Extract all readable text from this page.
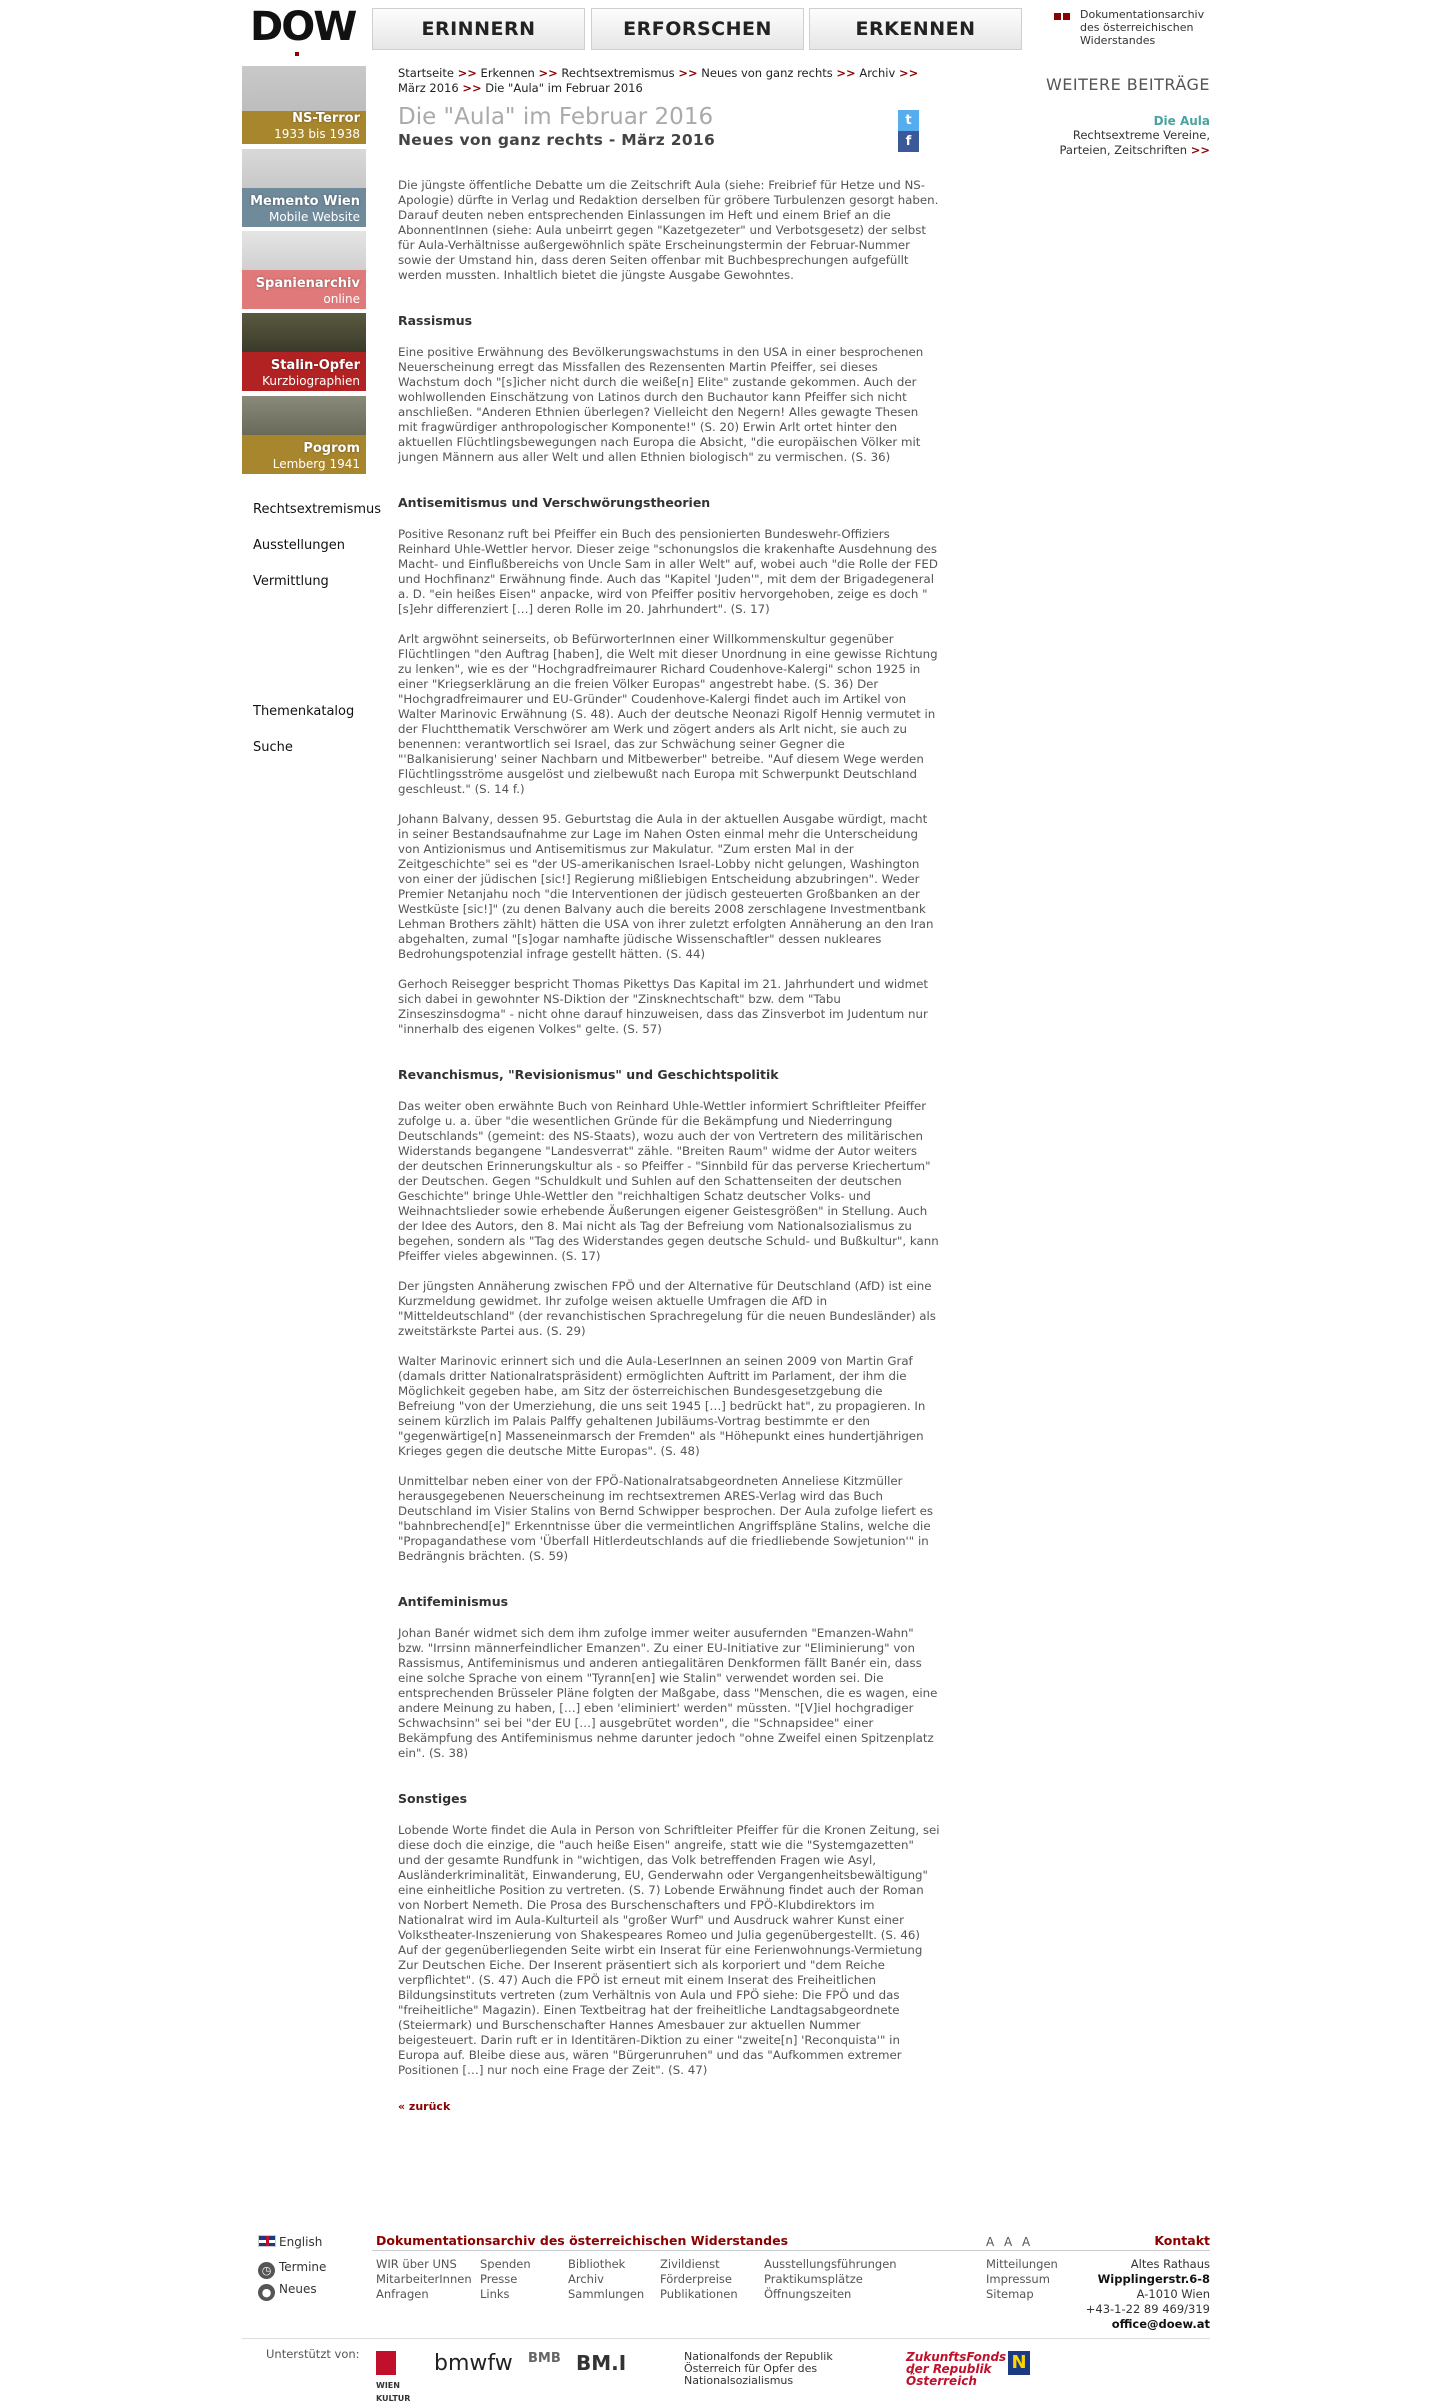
DOW	ERINNERN	ERFORSCHEN	ERKENNEN
Dokumentationsarchiv des österreichischen Widerstandes
NS-Terror
1933 bis 1938
Memento Wien
Mobile Website
Spanienarchiv
online
Stalin-Opfer
Kurzbiographien
Pogrom
Lemberg 1941
Rechtsextremismus
Ausstellungen
Vermittlung
Themenkatalog
Suche
Startseite >> Erkennen >> Rechtsextremismus >> Neues von ganz rechts >> Archiv >> März 2016 >> Die "Aula" im Februar 2016
Die "Aula" im Februar 2016
Neues von ganz rechts - März 2016
tf

Die jüngste öffentliche Debatte um die Zeitschrift Aula (siehe: Freibrief für Hetze und NS-Apologie) dürfte in Verlag und Redaktion derselben für gröbere Turbulenzen gesorgt haben. Darauf deuten neben entsprechenden Einlassungen im Heft und einem Brief an die AbonnentInnen (siehe: Aula unbeirrt gegen "Kazetgezeter" und Verbotsgesetz) der selbst für Aula-Verhältnisse außergewöhnlich späte Erscheinungstermin der Februar-Nummer sowie der Umstand hin, dass deren Seiten offenbar mit Buchbesprechungen aufgefüllt werden mussten. Inhaltlich bietet die jüngste Ausgabe Gewohntes.

Rassismus

Eine positive Erwähnung des Bevölkerungswachstums in den USA in einer besprochenen Neuerscheinung erregt das Missfallen des Rezensenten Martin Pfeiffer, sei dieses Wachstum doch "[s]icher nicht durch die weiße[n] Elite" zustande gekommen. Auch der wohlwollenden Einschätzung von Latinos durch den Buchautor kann Pfeiffer sich nicht anschließen. "Anderen Ethnien überlegen? Vielleicht den Negern! Alles gewagte Thesen mit fragwürdiger anthropologischer Komponente!" (S. 20) Erwin Arlt ortet hinter den aktuellen Flüchtlingsbewegungen nach Europa die Absicht, "die europäischen Völker mit jungen Männern aus aller Welt und allen Ethnien biologisch" zu vermischen. (S. 36)

Antisemitismus und Verschwörungstheorien

Positive Resonanz ruft bei Pfeiffer ein Buch des pensionierten Bundeswehr-Offiziers Reinhard Uhle-Wettler hervor. Dieser zeige "schonungslos die krakenhafte Ausdehnung des Macht- und Einflußbereichs von Uncle Sam in aller Welt" auf, wobei auch "die Rolle der FED und Hochfinanz" Erwähnung finde. Auch das "Kapitel 'Juden'", mit dem der Brigadegeneral a. D. "ein heißes Eisen" anpacke, wird von Pfeiffer positiv hervorgehoben, zeige es doch "[s]ehr differenziert […] deren Rolle im 20. Jahrhundert". (S. 17)

Arlt argwöhnt seinerseits, ob BefürworterInnen einer Willkommenskultur gegenüber Flüchtlingen "den Auftrag [haben], die Welt mit dieser Unordnung in eine gewisse Richtung zu lenken", wie es der "Hochgradfreimaurer Richard Coudenhove-Kalergi" schon 1925 in einer "Kriegserklärung an die freien Völker Europas" angestrebt habe. (S. 36) Der "Hochgradfreimaurer und EU-Gründer" Coudenhove-Kalergi findet auch im Artikel von Walter Marinovic Erwähnung (S. 48). Auch der deutsche Neonazi Rigolf Hennig vermutet in der Fluchtthematik Verschwörer am Werk und zögert anders als Arlt nicht, sie auch zu benennen: verantwortlich sei Israel, das zur Schwächung seiner Gegner die "'Balkanisierung' seiner Nachbarn und Mitbewerber" betreibe. "Auf diesem Wege werden Flüchtlingsströme ausgelöst und zielbewußt nach Europa mit Schwerpunkt Deutschland geschleust." (S. 14 f.)

Johann Balvany, dessen 95. Geburtstag die Aula in der aktuellen Ausgabe würdigt, macht in seiner Bestandsaufnahme zur Lage im Nahen Osten einmal mehr die Unterscheidung von Antizionismus und Antisemitismus zur Makulatur. "Zum ersten Mal in der Zeitgeschichte" sei es "der US-amerikanischen Israel-Lobby nicht gelungen, Washington von einer der jüdischen [sic!] Regierung mißliebigen Entscheidung abzubringen". Weder Premier Netanjahu noch "die Interventionen der jüdisch gesteuerten Großbanken an der Westküste [sic!]" (zu denen Balvany auch die bereits 2008 zerschlagene Investmentbank Lehman Brothers zählt) hätten die USA von ihrer zuletzt erfolgten Annäherung an den Iran abgehalten, zumal "[s]ogar namhafte jüdische Wissenschaftler" dessen nukleares Bedrohungspotenzial infrage gestellt hätten. (S. 44)

Gerhoch Reisegger bespricht Thomas Pikettys Das Kapital im 21. Jahrhundert und widmet sich dabei in gewohnter NS-Diktion der "Zinsknechtschaft" bzw. dem "Tabu Zinseszinsdogma" - nicht ohne darauf hinzuweisen, dass das Zinsverbot im Judentum nur "innerhalb des eigenen Volkes" gelte. (S. 57)

Revanchismus, "Revisionismus" und Geschichtspolitik

Das weiter oben erwähnte Buch von Reinhard Uhle-Wettler informiert Schriftleiter Pfeiffer zufolge u. a. über "die wesentlichen Gründe für die Bekämpfung und Niederringung Deutschlands" (gemeint: des NS-Staats), wozu auch der von Vertretern des militärischen Widerstands begangene "Landesverrat" zähle. "Breiten Raum" widme der Autor weiters der deutschen Erinnerungskultur als - so Pfeiffer - "Sinnbild für das perverse Kriechertum" der Deutschen. Gegen "Schuldkult und Suhlen auf den Schattenseiten der deutschen Geschichte" bringe Uhle-Wettler den "reichhaltigen Schatz deutscher Volks- und Weihnachtslieder sowie erhebende Äußerungen eigener Geistesgrößen" in Stellung. Auch der Idee des Autors, den 8. Mai nicht als Tag der Befreiung vom Nationalsozialismus zu begehen, sondern als "Tag des Widerstandes gegen deutsche Schuld- und Bußkultur", kann Pfeiffer vieles abgewinnen. (S. 17)

Der jüngsten Annäherung zwischen FPÖ und der Alternative für Deutschland (AfD) ist eine Kurzmeldung gewidmet. Ihr zufolge weisen aktuelle Umfragen die AfD in "Mitteldeutschland" (der revanchistischen Sprachregelung für die neuen Bundesländer) als zweitstärkste Partei aus. (S. 29)

Walter Marinovic erinnert sich und die Aula-LeserInnen an seinen 2009 von Martin Graf (damals dritter Nationalratspräsident) ermöglichten Auftritt im Parlament, der ihm die Möglichkeit gegeben habe, am Sitz der österreichischen Bundesgesetzgebung die Befreiung "von der Umerziehung, die uns seit 1945 […] bedrückt hat", zu propagieren. In seinem kürzlich im Palais Palffy gehaltenen Jubiläums-Vortrag bestimmte er den "gegenwärtige[n] Masseneinmarsch der Fremden" als "Höhepunkt eines hundertjährigen Krieges gegen die deutsche Mitte Europas". (S. 48)

Unmittelbar neben einer von der FPÖ-Nationalratsabgeordneten Anneliese Kitzmüller herausgegebenen Neuerscheinung im rechtsextremen ARES-Verlag wird das Buch Deutschland im Visier Stalins von Bernd Schwipper besprochen. Der Aula zufolge liefert es "bahnbrechend[e]" Erkenntnisse über die vermeintlichen Angriffspläne Stalins, welche die "Propagandathese vom 'Überfall Hitlerdeutschlands auf die friedliebende Sowjetunion'" in Bedrängnis brächten. (S. 59)

Antifeminismus

Johan Banér widmet sich dem ihm zufolge immer weiter ausufernden "Emanzen-Wahn" bzw. "Irrsinn männerfeindlicher Emanzen". Zu einer EU-Initiative zur "Eliminierung" von Rassismus, Antifeminismus und anderen antiegalitären Denkformen fällt Banér ein, dass eine solche Sprache von einem "Tyrann[en] wie Stalin" verwendet worden sei. Die entsprechenden Brüsseler Pläne folgten der Maßgabe, dass "Menschen, die es wagen, eine andere Meinung zu haben, […] eben 'eliminiert' werden" müssten. "[V]iel hochgradiger Schwachsinn" sei bei "der EU […] ausgebrütet worden", die "Schnapsidee" einer Bekämpfung des Antifeminismus nehme darunter jedoch "ohne Zweifel einen Spitzenplatz ein". (S. 38)

Sonstiges

Lobende Worte findet die Aula in Person von Schriftleiter Pfeiffer für die Kronen Zeitung, sei diese doch die einzige, die "auch heiße Eisen" angreife, statt wie die "Systemgazetten" und der gesamte Rundfunk in "wichtigen, das Volk betreffenden Fragen wie Asyl, Ausländerkriminalität, Einwanderung, EU, Genderwahn oder Vergangenheitsbewältigung" eine einheitliche Position zu vertreten. (S. 7) Lobende Erwähnung findet auch der Roman von Norbert Nemeth. Die Prosa des Burschenschafters und FPÖ-Klubdirektors im Nationalrat wird im Aula-Kulturteil als "großer Wurf" und Ausdruck wahrer Kunst einer Volkstheater-Inszenierung von Shakespeares Romeo und Julia gegenübergestellt. (S. 46) Auf der gegenüberliegenden Seite wirbt ein Inserat für eine Ferienwohnungs-Vermietung Zur Deutschen Eiche. Der Inserent präsentiert sich als korporiert und "dem Reiche verpflichtet". (S. 47) Auch die FPÖ ist erneut mit einem Inserat des Freiheitlichen Bildungsinstituts vertreten (zum Verhältnis von Aula und FPÖ siehe: Die FPÖ und das "freiheitliche" Magazin). Einen Textbeitrag hat der freiheitliche Landtagsabgeordnete (Steiermark) und Burschenschafter Hannes Amesbauer zur aktuellen Nummer beigesteuert. Darin ruft er in Identitären-Diktion zu einer "zweite[n] 'Reconquista'" in Europa auf. Bleibe diese aus, wären "Bürgerunruhen" und das "Aufkommen extremer Positionen […] nur noch eine Frage der Zeit". (S. 47)

« zurück
WEITERE BEITRÄGE
Die Aula
Rechtsextreme Vereine, Parteien, Zeitschriften >>
English	Dokumentationsarchiv des österreichischen Widerstandes	A A A	Kontakt
◷ Termine
● Neues
WIR über UNS
MitarbeiterInnen
Anfragen
Spenden
Presse
Links
Bibliothek
Archiv
Sammlungen
Zivildienst
Förderpreise
Publikationen
Ausstellungsführungen
Praktikumsplätze
Öffnungszeiten
Mitteilungen
Impressum
Sitemap
Altes Rathaus
Wipplingerstr.6-8
A-1010 Wien
+43-1-22 89 469/319
office@doew.at
Unterstützt von:
WIEN KULTUR
bmwfw BMB BM.I	Nationalfonds der Republik Österreich für Opfer des Nationalsozialismus
ZukunftsFonds der Republik Österreich
N
